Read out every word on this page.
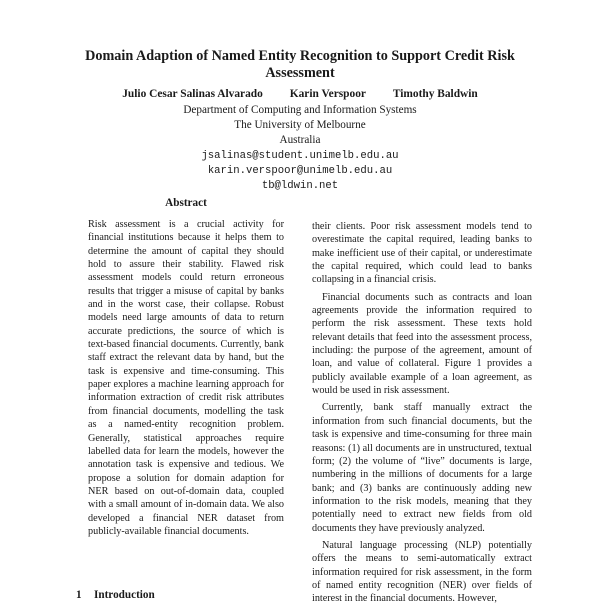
Domain Adaption of Named Entity Recognition to Support Credit Risk
Assessment
Julio Cesar Salinas Alvarado Karin Verspoor Timothy Baldwin
Department of Computing and Information Systems
The University of Melbourne
Australia
jsalinas@student.unimelb.edu.au
karin.verspoor@unimelb.edu.au
tb@ldwin.net
Abstract

Risk assessment is a crucial activity for financial institutions because it helps them to determine the amount of capital they should hold to assure their stability. Flawed risk assessment models could return erroneous results that trigger a misuse of capital by banks and in the worst case, their collapse. Robust models need large amounts of data to return accurate predictions, the source of which is text-based financial documents. Currently, bank staff extract the relevant data by hand, but the task is expensive and time-consuming. This paper explores a machine learning approach for information extraction of credit risk attributes from financial documents, modelling the task as a named-entity recognition problem. Generally, statistical approaches require labelled data for learn the models, however the annotation task is expensive and tedious. We propose a solution for domain adaption for NER based on out-of-domain data, coupled with a small amount of in-domain data. We also developed a financial NER dataset from publicly-available financial documents.

1 Introduction

their clients. Poor risk assessment models tend to overestimate the capital required, leading banks to make inefficient use of their capital, or underestimate the capital required, which could lead to banks collapsing in a financial crisis.

Financial documents such as contracts and loan agreements provide the information required to perform the risk assessment. These texts hold relevant details that feed into the assessment process, including: the purpose of the agreement, amount of loan, and value of collateral. Figure 1 provides a publicly available example of a loan agreement, as would be used in risk assessment.

Currently, bank staff manually extract the information from such financial documents, but the task is expensive and time-consuming for three main reasons: (1) all documents are in unstructured, textual form; (2) the volume of “live” documents is large, numbering in the millions of documents for a large bank; and (3) banks are continuously adding new information to the risk models, meaning that they potentially need to extract new fields from old documents they have previously analyzed.

Natural language processing (NLP) potentially offers the means to semi-automatically extract information required for risk assessment, in the form of named entity recognition (NER) over fields of interest in the financial documents. However,
